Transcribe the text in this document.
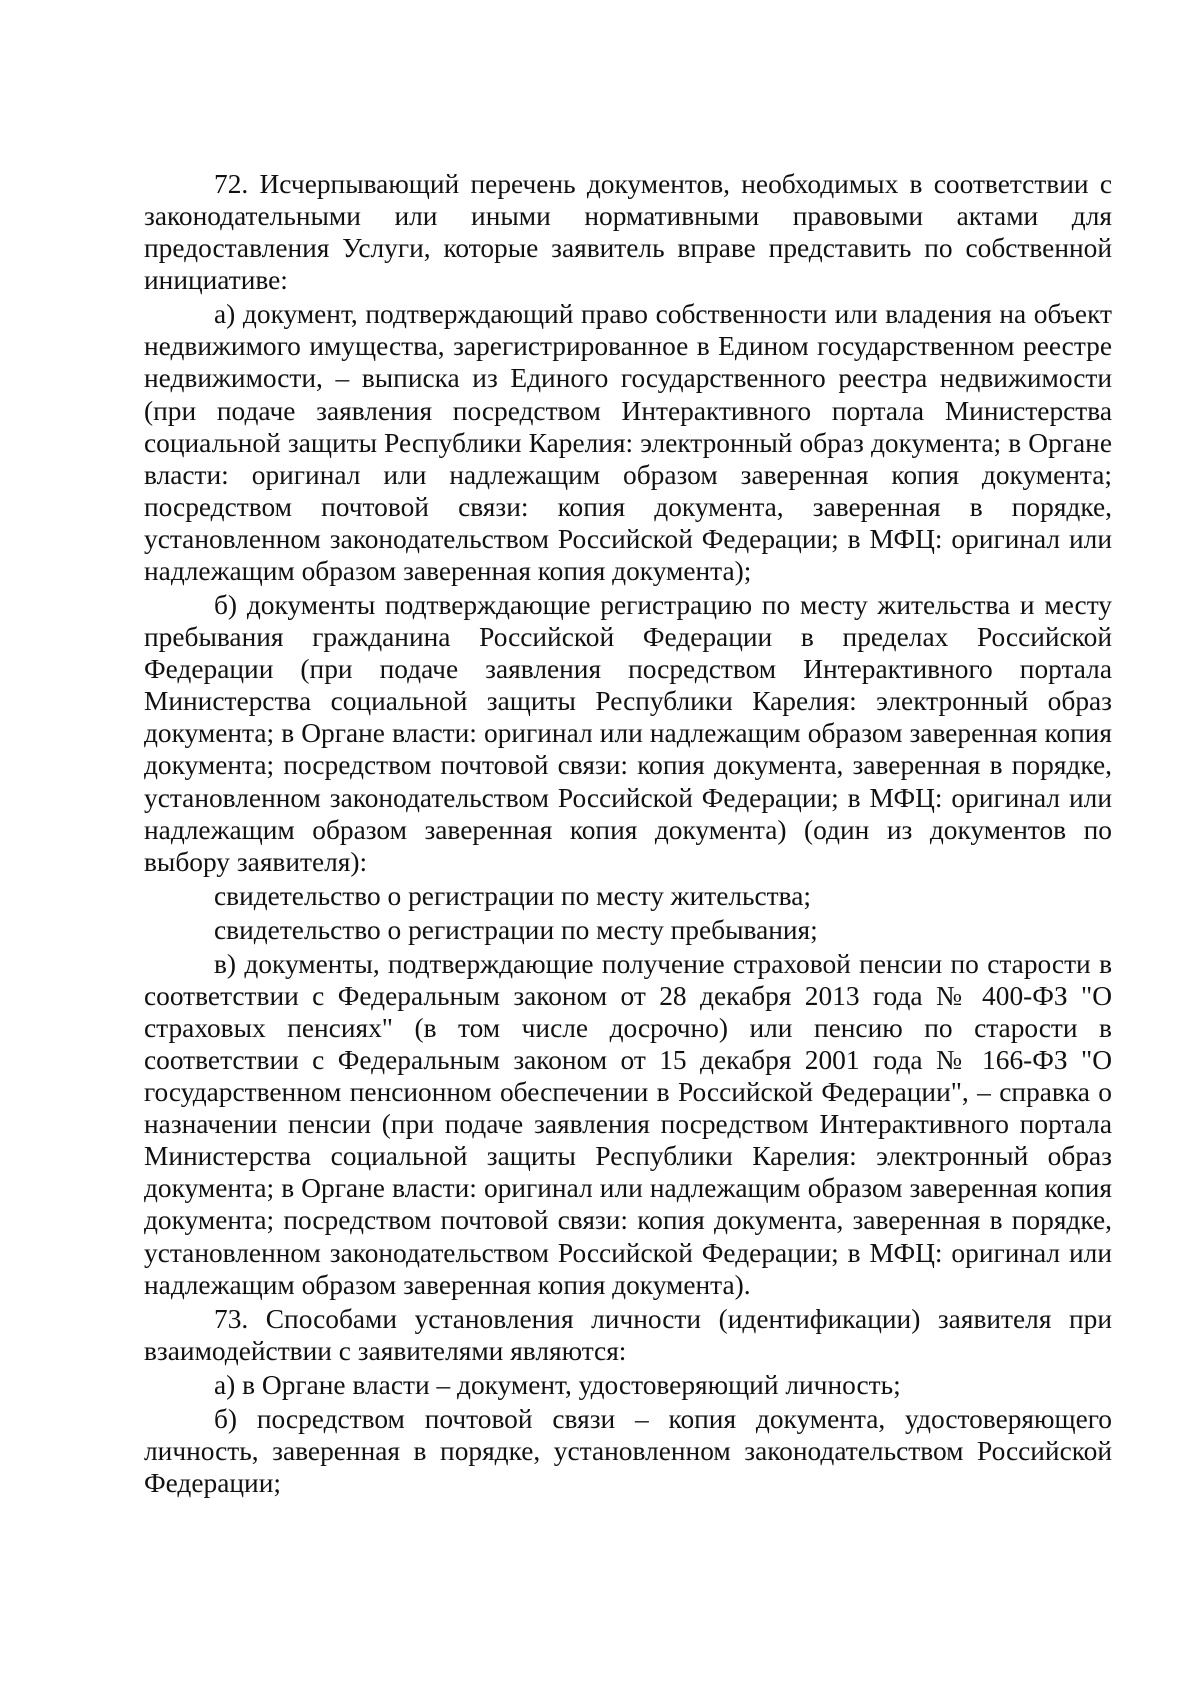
72. Исчерпывающий перечень документов, необходимых в соответствии с законодательными или иными нормативными правовыми актами для предоставления Услуги, которые заявитель вправе представить по собственной инициативе:

а) документ, подтверждающий право собственности или владения на объект недвижимого имущества, зарегистрированное в Едином государственном реестре недвижимости, – выписка из Единого государственного реестра недвижимости (при подаче заявления посредством Интерактивного портала Министерства социальной защиты Республики Карелия: электронный образ документа; в Органе власти: оригинал или надлежащим образом заверенная копия документа; посредством почтовой связи: копия документа, заверенная в порядке, установленном законодательством Российской Федерации; в МФЦ: оригинал или надлежащим образом заверенная копия документа);

б) документы подтверждающие регистрацию по месту жительства и месту пребывания гражданина Российской Федерации в пределах Российской Федерации (при подаче заявления посредством Интерактивного портала Министерства социальной защиты Республики Карелия: электронный образ документа; в Органе власти: оригинал или надлежащим образом заверенная копия документа; посредством почтовой связи: копия документа, заверенная в порядке, установленном законодательством Российской Федерации; в МФЦ: оригинал или надлежащим образом заверенная копия документа) (один из документов по выбору заявителя):

свидетельство о регистрации по месту жительства;

свидетельство о регистрации по месту пребывания;

в) документы, подтверждающие получение страховой пенсии по старости в соответствии с Федеральным законом от 28 декабря 2013 года № 400-ФЗ "О страховых пенсиях" (в том числе досрочно) или пенсию по старости в соответствии с Федеральным законом от 15 декабря 2001 года № 166-ФЗ "О государственном пенсионном обеспечении в Российской Федерации", – справка о назначении пенсии (при подаче заявления посредством Интерактивного портала Министерства социальной защиты Республики Карелия: электронный образ документа; в Органе власти: оригинал или надлежащим образом заверенная копия документа; посредством почтовой связи: копия документа, заверенная в порядке, установленном законодательством Российской Федерации; в МФЦ: оригинал или надлежащим образом заверенная копия документа).

73. Способами установления личности (идентификации) заявителя при взаимодействии с заявителями являются:

а) в Органе власти – документ, удостоверяющий личность;

б) посредством почтовой связи – копия документа, удостоверяющего личность, заверенная в порядке, установленном законодательством Российской Федерации;
